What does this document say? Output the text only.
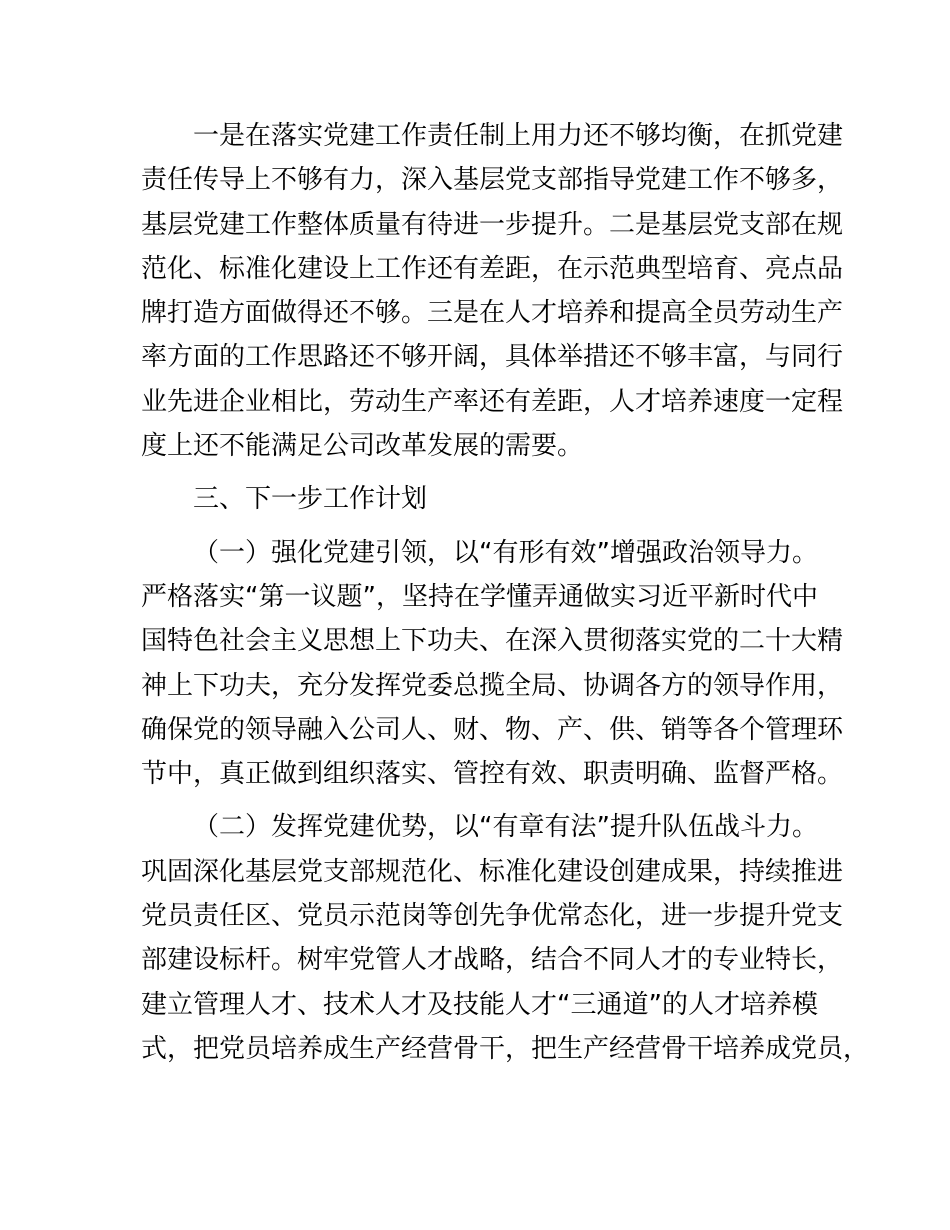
一是在落实党建工作责任制上用力还不够均衡，在抓党建
责任传导上不够有力，深入基层党支部指导党建工作不够多，
基层党建工作整体质量有待进一步提升。二是基层党支部在规
范化、标准化建设上工作还有差距，在示范典型培育、亮点品
牌打造方面做得还不够。三是在人才培养和提高全员劳动生产
率方面的工作思路还不够开阔，具体举措还不够丰富，与同行
业先进企业相比，劳动生产率还有差距，人才培养速度一定程
度上还不能满足公司改革发展的需要。
三、下一步工作计划
（一）强化党建引领，以“有形有效”增强政治领导力。
严格落实“第一议题”，坚持在学懂弄通做实习近平新时代中
国特色社会主义思想上下功夫、在深入贯彻落实党的二十大精
神上下功夫，充分发挥党委总揽全局、协调各方的领导作用，
确保党的领导融入公司人、财、物、产、供、销等各个管理环
节中，真正做到组织落实、管控有效、职责明确、监督严格。
（二）发挥党建优势，以“有章有法”提升队伍战斗力。
巩固深化基层党支部规范化、标准化建设创建成果，持续推进
党员责任区、党员示范岗等创先争优常态化，进一步提升党支
部建设标杆。树牢党管人才战略，结合不同人才的专业特长，
建立管理人才、技术人才及技能人才“三通道”的人才培养模
式，把党员培养成生产经营骨干，把生产经营骨干培养成党员，
